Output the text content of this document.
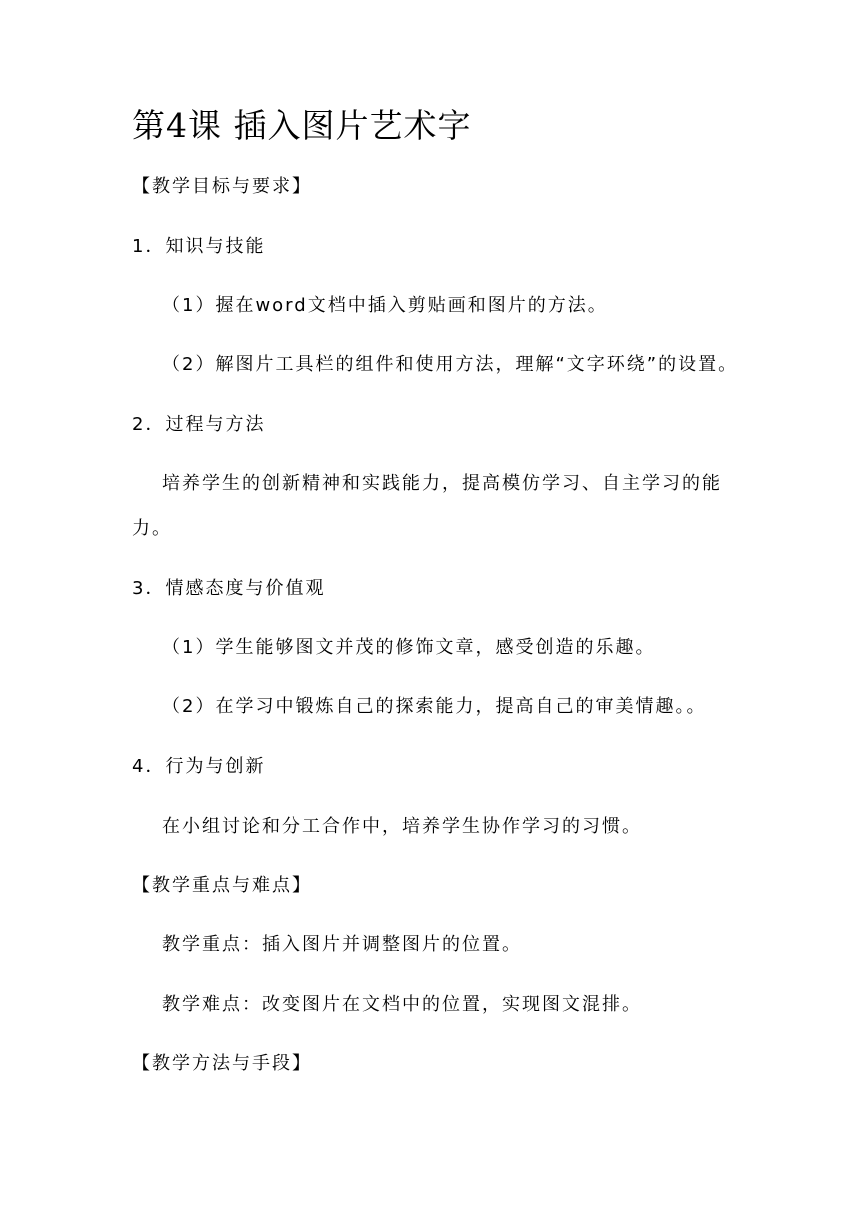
第4课 插入图片艺术字
【教学目标与要求】
1．知识与技能
（1）握在word文档中插入剪贴画和图片的方法。
（2）解图片工具栏的组件和使用方法，理解“文字环绕”的设置。
2．过程与方法
培养学生的创新精神和实践能力，提高模仿学习、自主学习的能
力。
3．情感态度与价值观
（1）学生能够图文并茂的修饰文章，感受创造的乐趣。
（2）在学习中锻炼自己的探索能力，提高自己的审美情趣。。
4．行为与创新
在小组讨论和分工合作中，培养学生协作学习的习惯。
【教学重点与难点】
教学重点：插入图片并调整图片的位置。
教学难点：改变图片在文档中的位置，实现图文混排。
【教学方法与手段】
